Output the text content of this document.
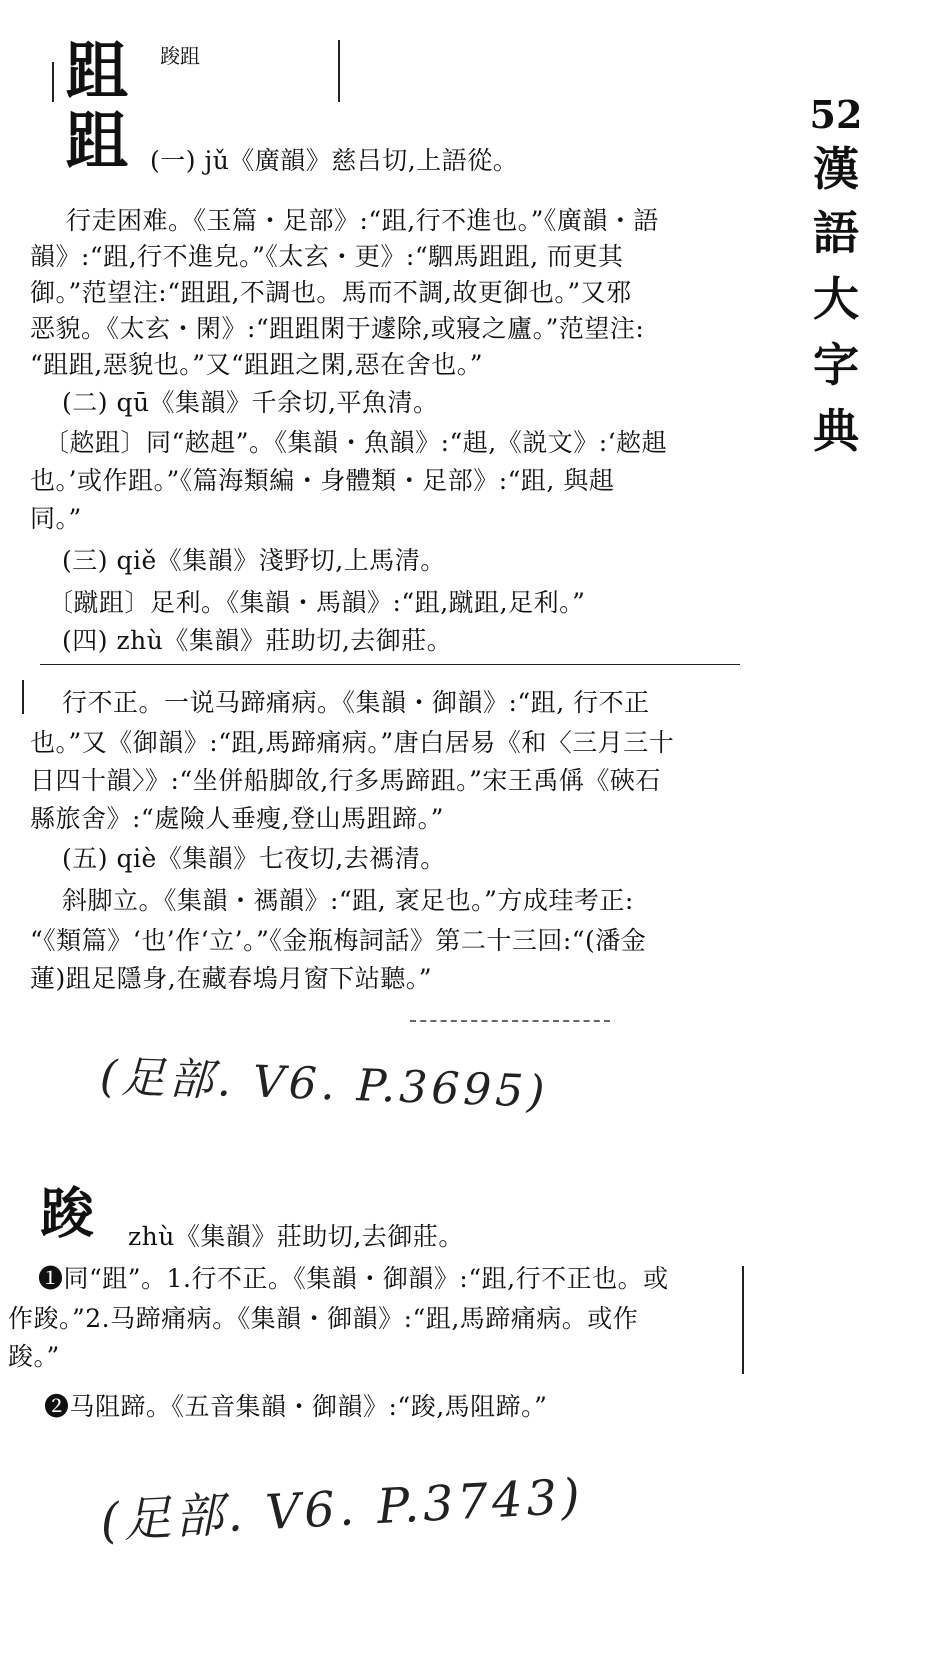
跙 踆跙
跙	52
漢
語
大
字
典
(一) jǔ《廣韻》慈吕切,上語從。
行走困难。《玉篇・足部》:“跙,行不進也。”《廣韻・語
韻》:“跙,行不進皃。”《太玄・更》:“駟馬跙跙, 而更其
御。”范望注:“跙跙,不調也。馬而不調,故更御也。”又邪
恶貌。《太玄・閑》:“跙跙閑于遽除,或寢之廬。”范望注:
“跙跙,惡貌也。”又“跙跙之閑,惡在舍也。”
(二) qū《集韻》千余切,平魚清。
〔趑跙〕同“趑趄”。《集韻・魚韻》:“趄,《説文》:‘趑趄
也。’或作跙。”《篇海類編・身體類・足部》:“跙, 與趄
同。”
(三) qiě《集韻》淺野切,上馬清。
〔蹴跙〕足利。《集韻・馬韻》:“跙,蹴跙,足利。”
(四) zhù《集韻》莊助切,去御莊。
行不正。一说马蹄痛病。《集韻・御韻》:“跙, 行不正
也。”又《御韻》:“跙,馬蹄痛病。”唐白居易《和〈三月三十
日四十韻〉》:“坐併船脚㪉,行多馬蹄跙。”宋王禹偁《硤石
縣旅舍》:“處險人垂瘦,登山馬跙蹄。”
(五) qiè《集韻》七夜切,去禡清。
斜脚立。《集韻・禡韻》:“跙, 衺足也。”方成珪考正:
“《類篇》‘也’作‘立’。”《金瓶梅詞話》第二十三回:“(潘金
蓮)跙足隱身,在藏春塢月窗下站聽。”
(足部. V6. P.3695)
踆 zhù《集韻》莊助切,去御莊。
❶同“跙”。1.行不正。《集韻・御韻》:“跙,行不正也。或
作踆。”2.马蹄痛病。《集韻・御韻》:“跙,馬蹄痛病。或作
踆。”
❷马阻蹄。《五音集韻・御韻》:“踆,馬阻蹄。”
(足部. V6. P.3743)
